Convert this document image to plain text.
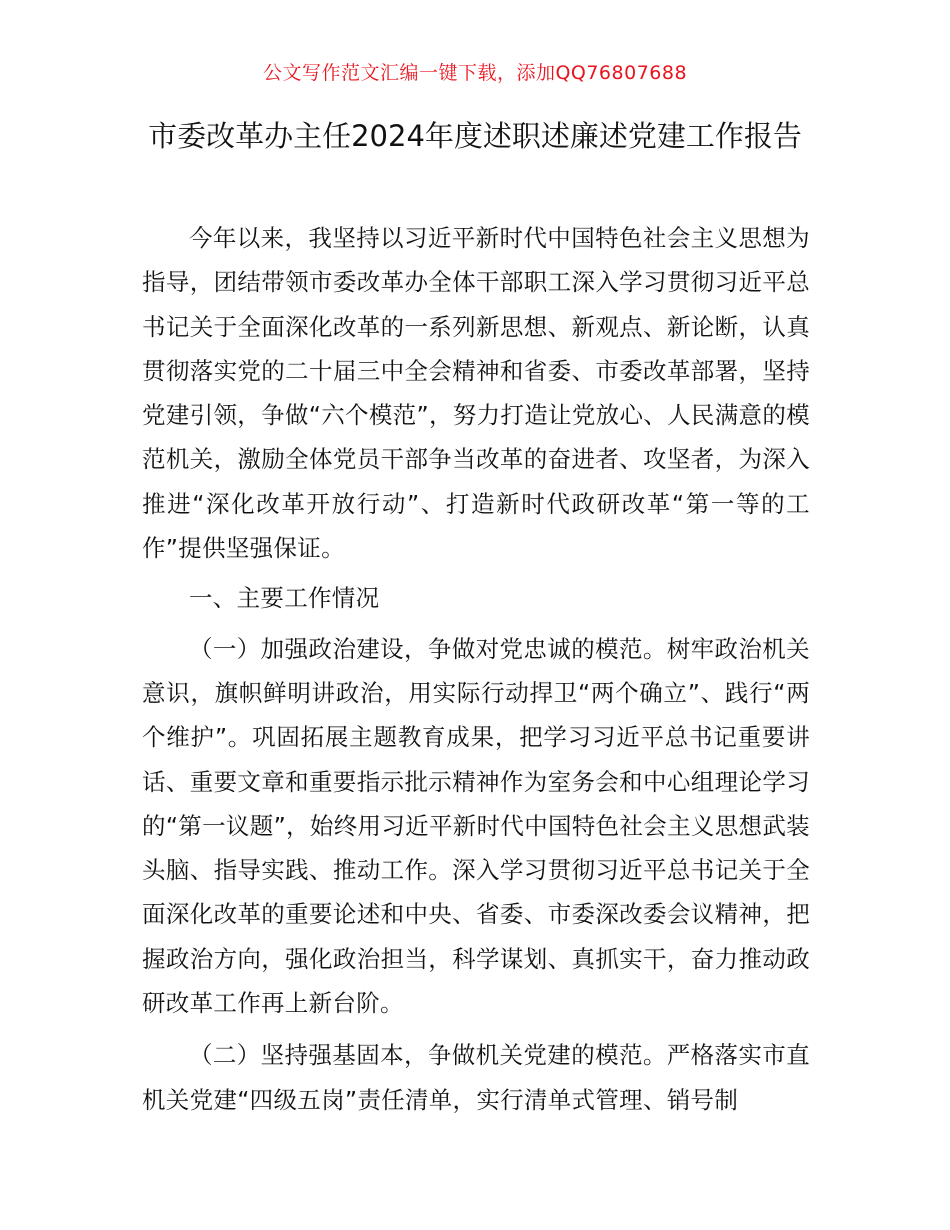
公文写作范文汇编一键下载，添加QQ76807688
市委改革办主任2024年度述职述廉述党建工作报告

今年以来，我坚持以习近平新时代中国特色社会主义思想为指导，团结带领市委改革办全体干部职工深入学习贯彻习近平总书记关于全面深化改革的一系列新思想、新观点、新论断，认真贯彻落实党的二十届三中全会精神和省委、市委改革部署，坚持党建引领，争做“六个模范”，努力打造让党放心、人民满意的模范机关，激励全体党员干部争当改革的奋进者、攻坚者，为深入推进“深化改革开放行动”、打造新时代政研改革“第一等的工作”提供坚强保证。

一、主要工作情况

（一）加强政治建设，争做对党忠诚的模范。树牢政治机关意识，旗帜鲜明讲政治，用实际行动捍卫“两个确立”、践行“两个维护”。巩固拓展主题教育成果，把学习习近平总书记重要讲话、重要文章和重要指示批示精神作为室务会和中心组理论学习的“第一议题”，始终用习近平新时代中国特色社会主义思想武装头脑、指导实践、推动工作。深入学习贯彻习近平总书记关于全面深化改革的重要论述和中央、省委、市委深改委会议精神，把握政治方向，强化政治担当，科学谋划、真抓实干，奋力推动政研改革工作再上新台阶。

（二）坚持强基固本，争做机关党建的模范。严格落实市直机关党建“四级五岗”责任清单，实行清单式管理、销号制
